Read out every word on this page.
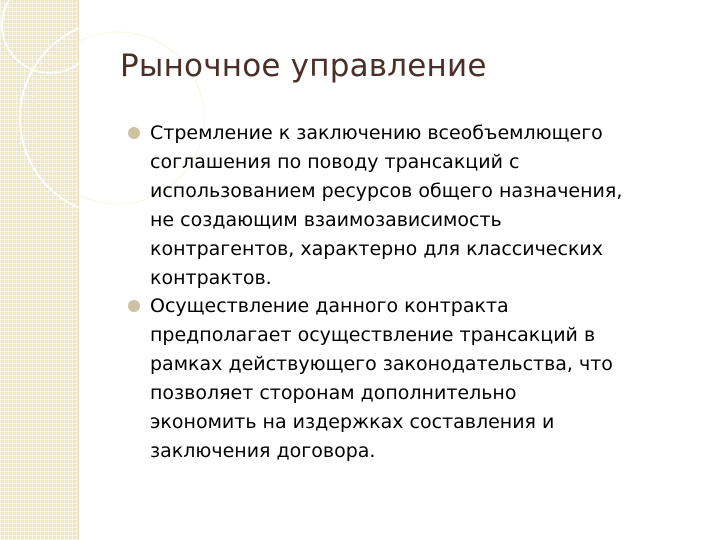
Рыночное управление
Стремление к заключению всеобъемлющего
соглашения по поводу трансакций с
использованием ресурсов общего назначения,
не создающим взаимозависимость
контрагентов, характерно для классических
контрактов.
Осуществление данного контракта
предполагает осуществление трансакций в
рамках действующего законодательства, что
позволяет сторонам дополнительно
экономить на издержках составления и
заключения договора.
